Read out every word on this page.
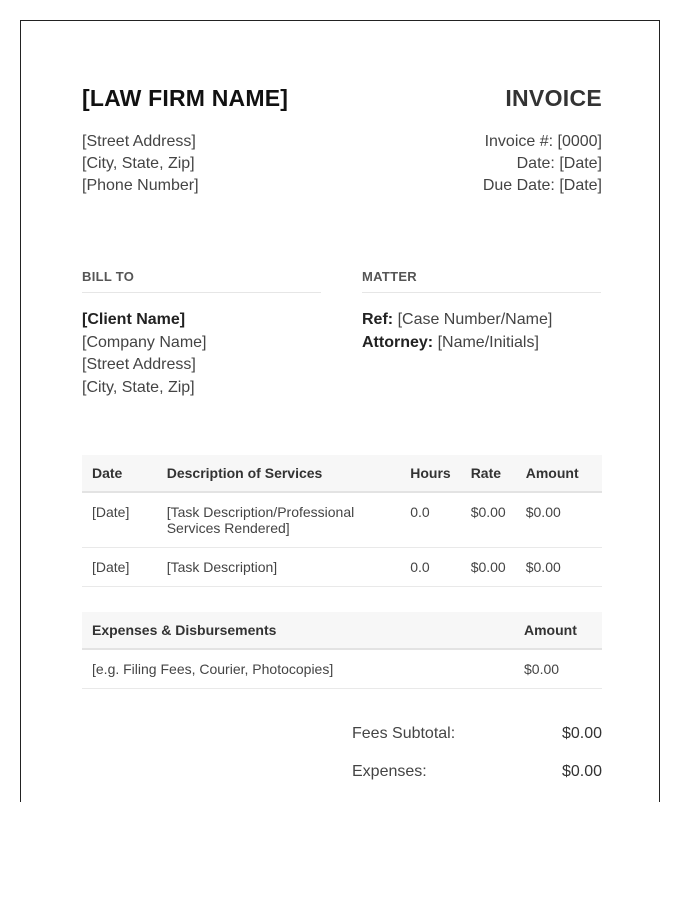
[LAW FIRM NAME]	INVOICE
[Street Address]
[City, State, Zip]
[Phone Number]
Invoice #: [0000]
Date: [Date]
Due Date: [Date]
BILL TO	MATTER
[Client Name]
[Company Name]
[Street Address]
[City, State, Zip]
Ref: [Case Number/Name]
Attorney: [Name/Initials]
Date	Description of Services	Hours	Rate	Amount
[Date]	[Task Description/Professional Services Rendered]	0.0	$0.00	$0.00
[Date]	[Task Description]	0.0	$0.00	$0.00
Expenses & Disbursements	Amount
[e.g. Filing Fees, Courier, Photocopies]	$0.00
Fees Subtotal:	$0.00
Expenses:	$0.00
